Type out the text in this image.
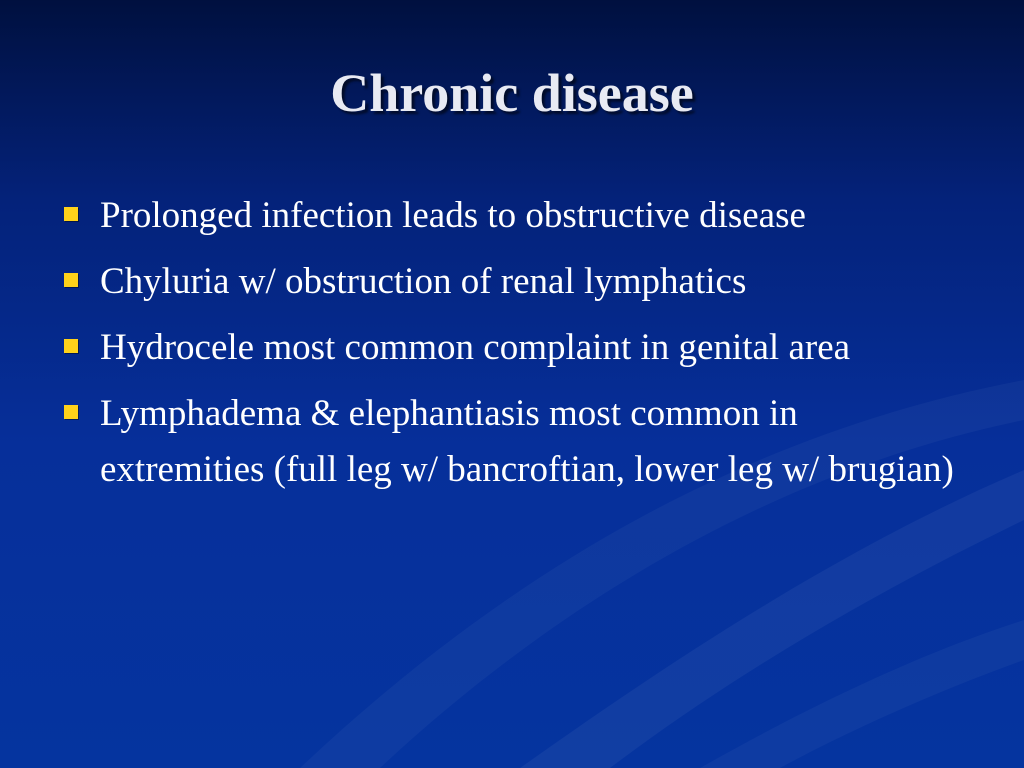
Chronic disease
Prolonged infection leads to obstructive disease
Chyluria w/ obstruction of renal lymphatics
Hydrocele most common complaint in genital area
Lymphadema & elephantiasis most common in extremities (full leg w/ bancroftian, lower leg w/ brugian)
